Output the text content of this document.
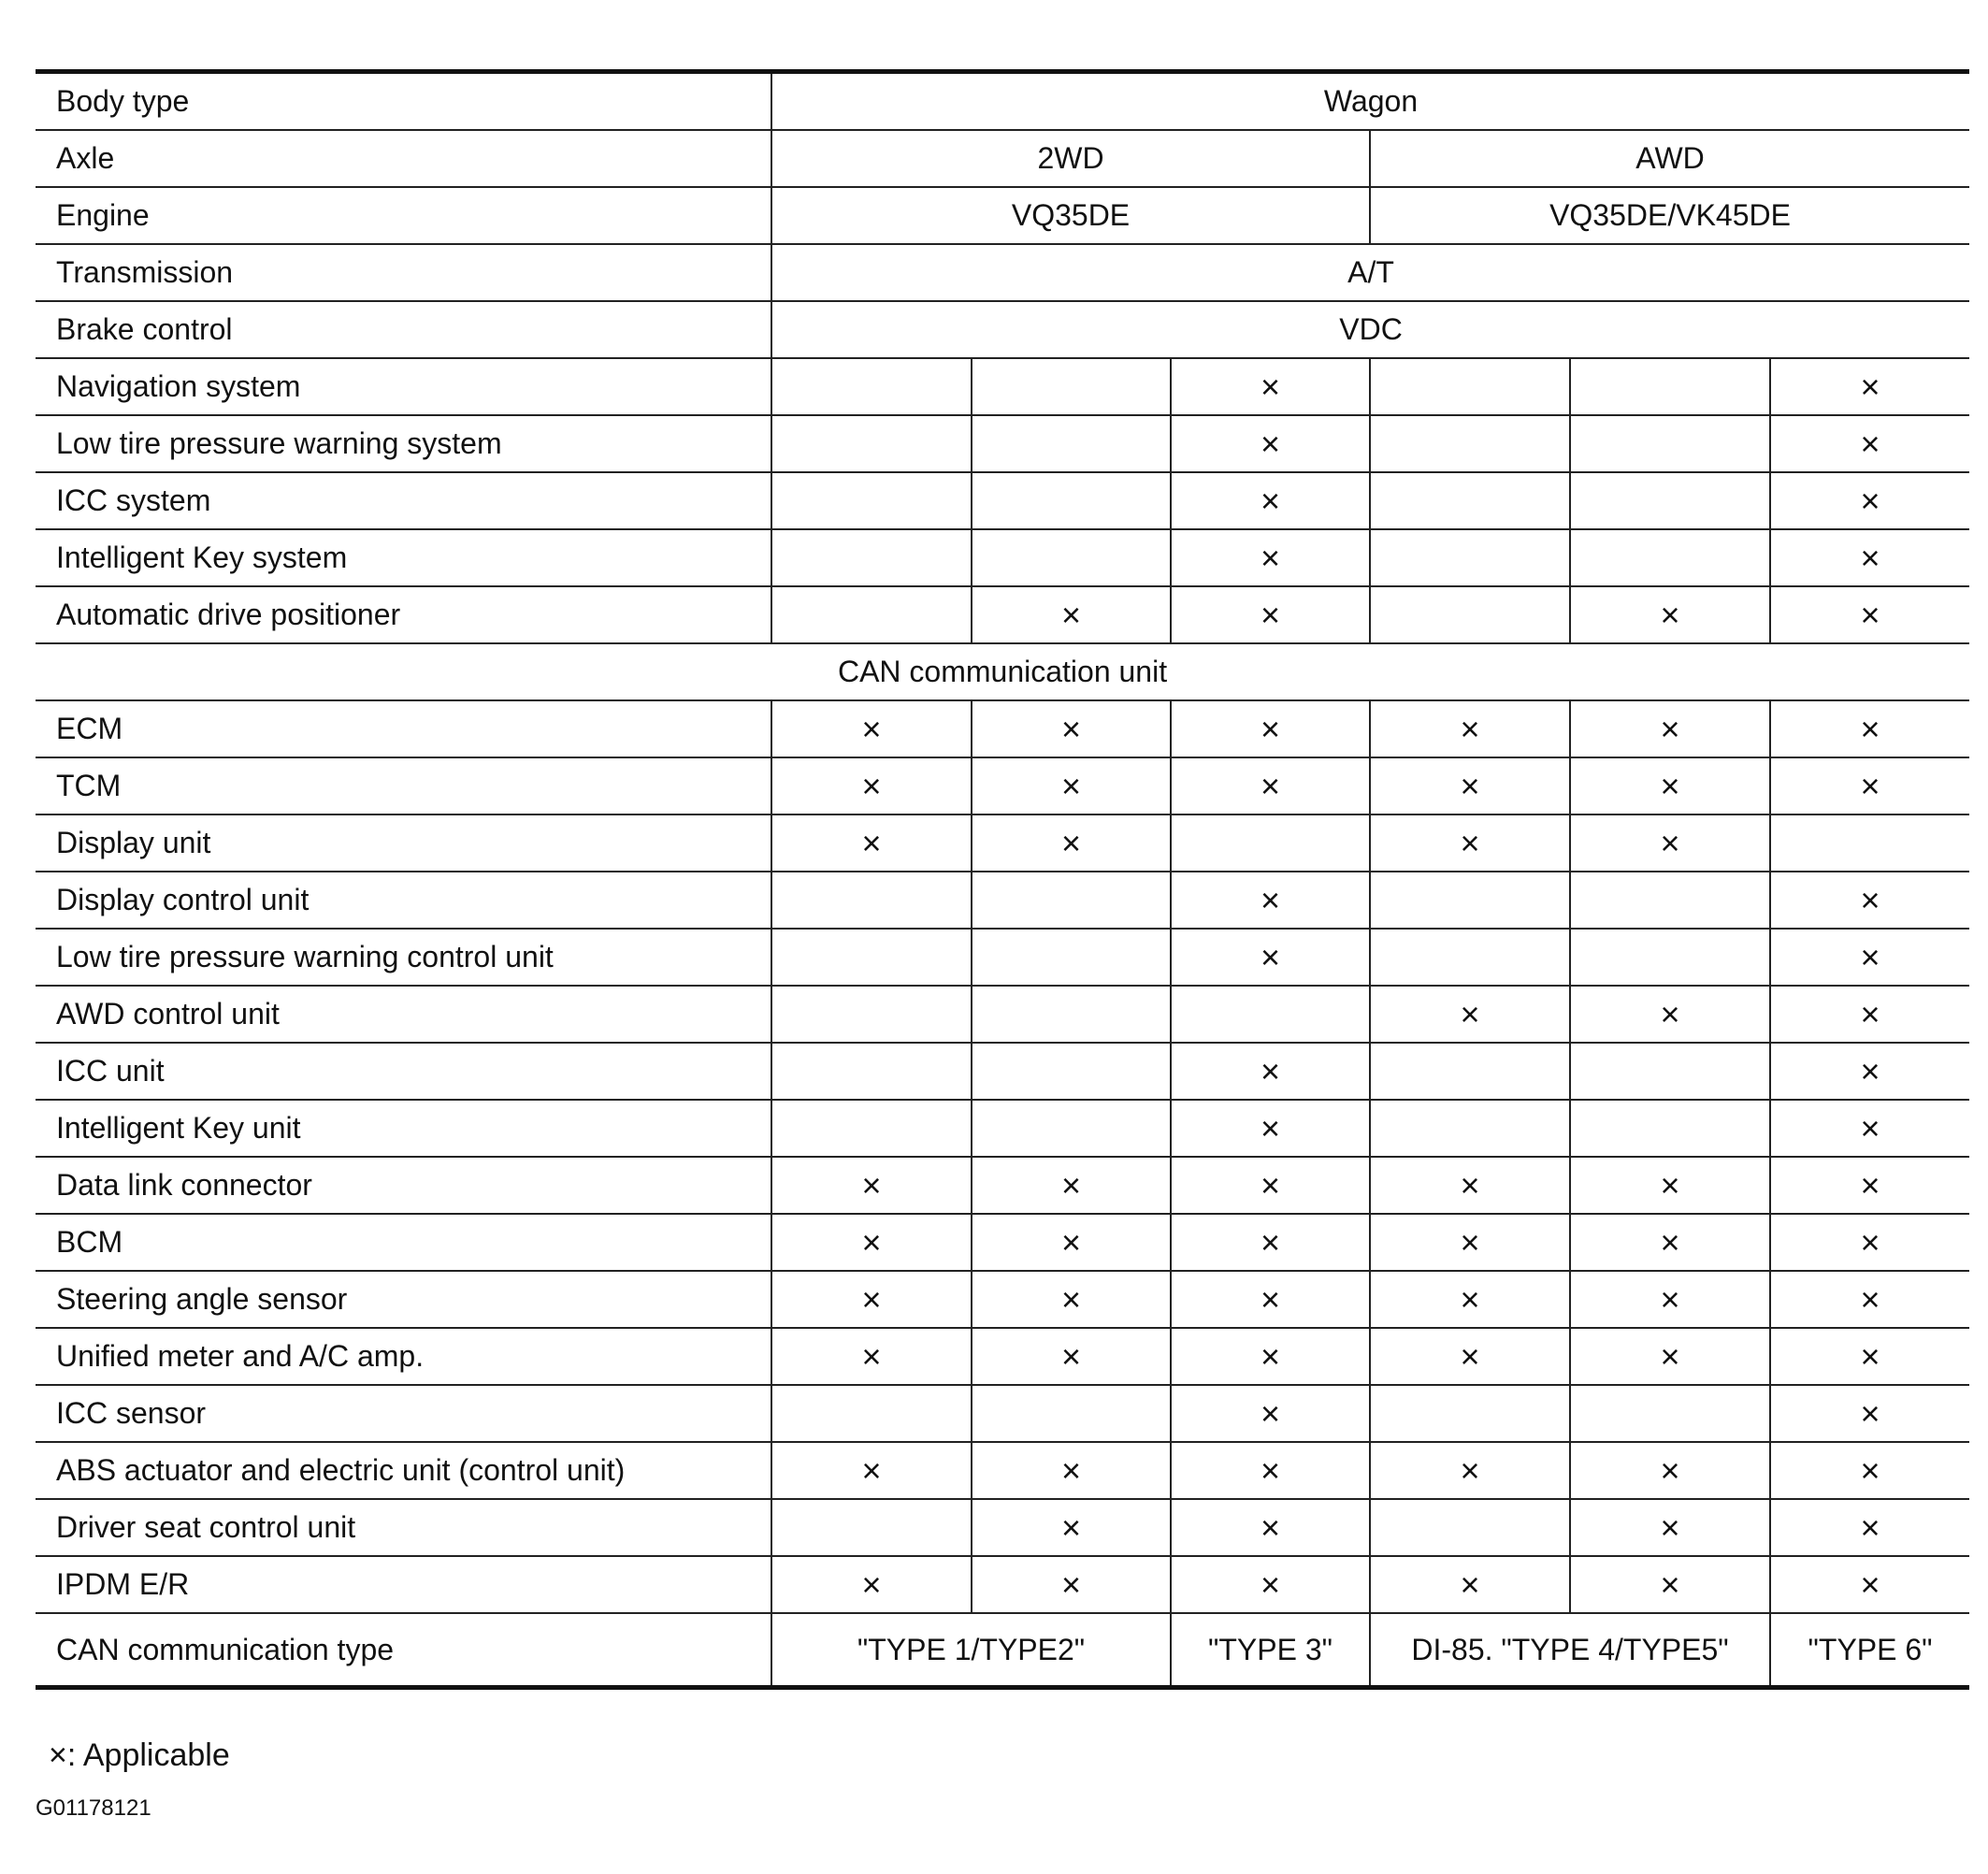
Body type	Wagon					
Axle	2WD			AWD		
Engine	VQ35DE			VQ35DE/VK45DE		
Transmission	A/T					
Brake control	VDC					
Navigation system			×			×
Low tire pressure warning system			×			×
ICC system			×			×
Intelligent Key system			×			×
Automatic drive positioner		×	×		×	×
CAN communication unit						
ECM	×	×	×	×	×	×
TCM	×	×	×	×	×	×
Display unit	×	×		×	×	
Display control unit			×			×
Low tire pressure warning control unit			×			×
AWD control unit				×	×	×
ICC unit			×			×
Intelligent Key unit			×			×
Data link connector	×	×	×	×	×	×
BCM	×	×	×	×	×	×
Steering angle sensor	×	×	×	×	×	×
Unified meter and A/C amp.	×	×	×	×	×	×
ICC sensor			×			×
ABS actuator and electric unit (control unit)	×	×	×	×	×	×
Driver seat control unit		×	×		×	×
IPDM E/R	×	×	×	×	×	×
CAN communication type	"TYPE 1/TYPE2"		"TYPE 3"	DI-85. "TYPE 4/TYPE5"		"TYPE 6"
×: Applicable
G01178121
